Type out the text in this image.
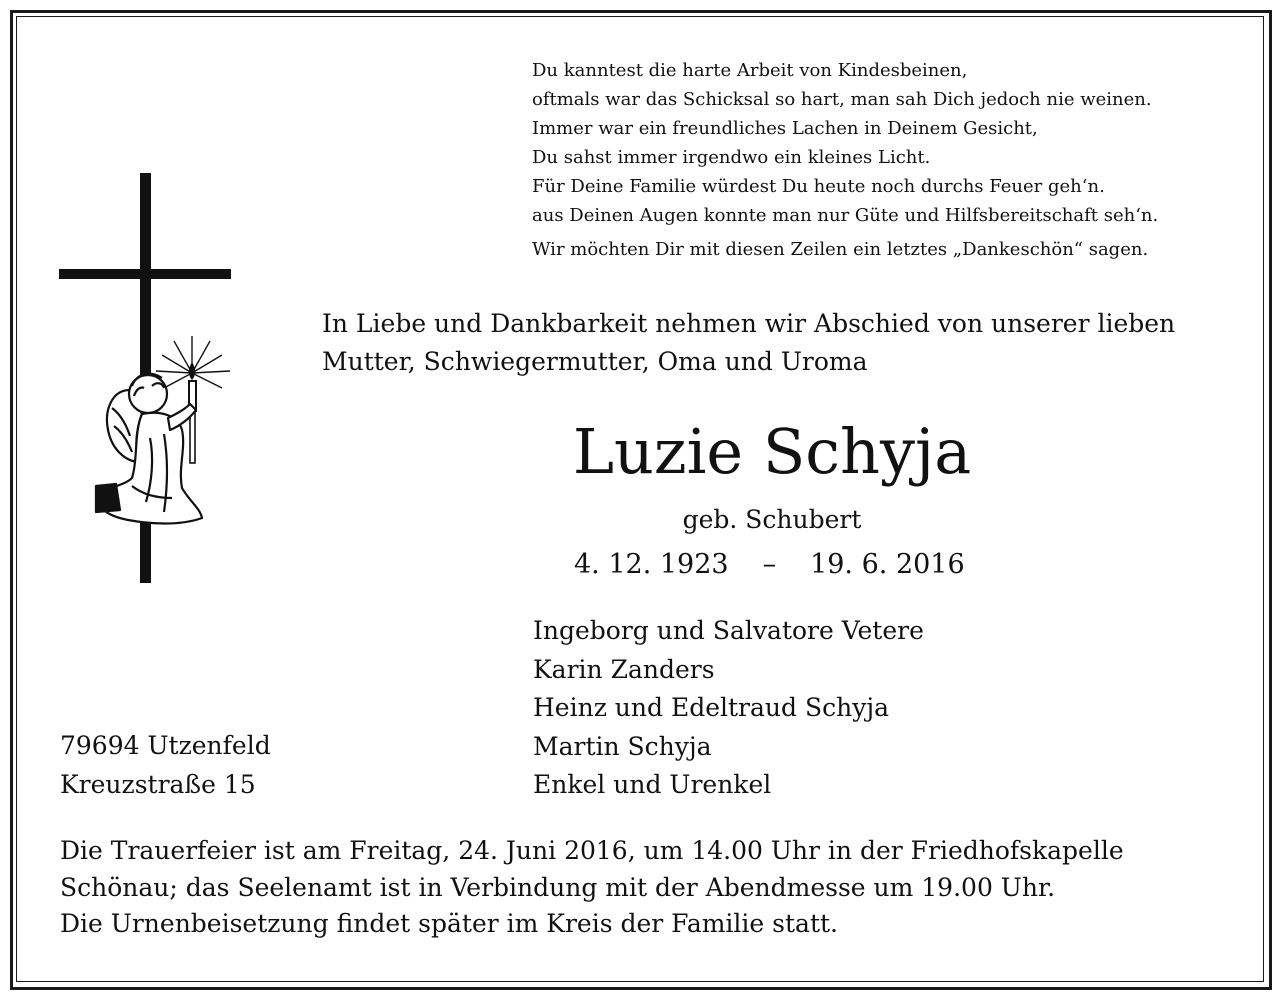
Du kanntest die harte Arbeit von Kindesbeinen,
oftmals war das Schicksal so hart, man sah Dich jedoch nie weinen.
Immer war ein freundliches Lachen in Deinem Gesicht,
Du sahst immer irgendwo ein kleines Licht.
Für Deine Familie würdest Du heute noch durchs Feuer geh‘n.
aus Deinen Augen konnte man nur Güte und Hilfsbereitschaft seh‘n.
Wir möchten Dir mit diesen Zeilen ein letztes „Dankeschön“ sagen.
In Liebe und Dankbarkeit nehmen wir Abschied von unserer lieben
Mutter, Schwiegermutter, Oma und Uroma
Luzie Schyja
geb. Schubert
4. 12. 1923 – 19. 6. 2016
Ingeborg und Salvatore Vetere
Karin Zanders
Heinz und Edeltraud Schyja
Martin Schyja
Enkel und Urenkel
79694 Utzenfeld
Kreuzstraße 15
Die Trauerfeier ist am Freitag, 24. Juni 2016, um 14.00 Uhr in der Friedhofskapelle
Schönau; das Seelenamt ist in Verbindung mit der Abendmesse um 19.00 Uhr.
Die Urnenbeisetzung findet später im Kreis der Familie statt.
